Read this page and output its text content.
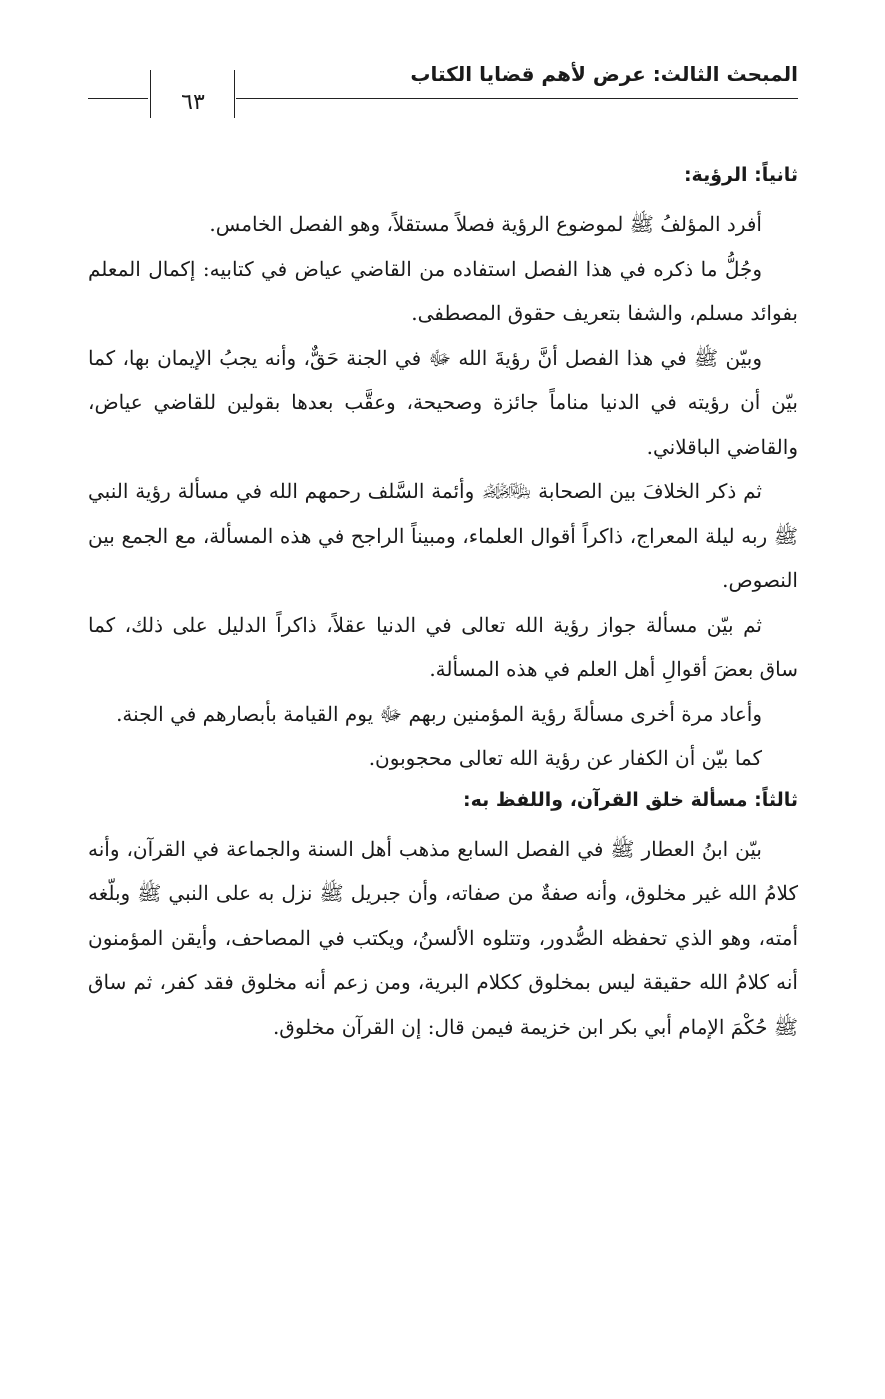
المبحث الثالث: عرض لأهم قضايا الكتاب
٦٣
ثانياً: الرؤية:

أفرد المؤلفُ ﷺ لموضوع الرؤية فصلاً مستقلاً، وهو الفصل الخامس.

وجُلُّ ما ذكره في هذا الفصل استفاده من القاضي عياض في كتابيه: إكمال المعلم بفوائد مسلم، والشفا بتعريف حقوق المصطفى.

وبيّن ﷺ في هذا الفصل أنَّ رؤيةَ الله ﷻ في الجنة حَقٌّ، وأنه يجبُ الإيمان بها، كما بيّن أن رؤيته في الدنيا مناماً جائزة وصحيحة، وعقَّب بعدها بقولين للقاضي عياض، والقاضي الباقلاني.

ثم ذكر الخلافَ بين الصحابة ﷽ وأئمة السَّلف رحمهم الله في مسألة رؤية النبي ﷺ ربه ليلة المعراج، ذاكراً أقوال العلماء، ومبيناً الراجح في هذه المسألة، مع الجمع بين النصوص.

ثم بيّن مسألة جواز رؤية الله تعالى في الدنيا عقلاً، ذاكراً الدليل على ذلك، كما ساق بعضَ أقوالِ أهل العلم في هذه المسألة.

وأعاد مرة أخرى مسألةَ رؤية المؤمنين ربهم ﷻ يوم القيامة بأبصارهم في الجنة.

كما بيّن أن الكفار عن رؤية الله تعالى محجوبون.

ثالثاً: مسألة خلق القرآن، واللفظ به:

بيّن ابنُ العطار ﷺ في الفصل السابع مذهب أهل السنة والجماعة في القرآن، وأنه كلامُ الله غير مخلوق، وأنه صفةٌ من صفاته، وأن جبريل ﷺ نزل به على النبي ﷺ وبلّغه أمته، وهو الذي تحفظه الصُّدور، وتتلوه الألسنُ، ويكتب في المصاحف، وأيقن المؤمنون أنه كلامُ الله حقيقة ليس بمخلوق ككلام البرية، ومن زعم أنه مخلوق فقد كفر، ثم ساق ﷺ حُكْمَ الإمام أبي بكر ابن خزيمة فيمن قال: إن القرآن مخلوق.
